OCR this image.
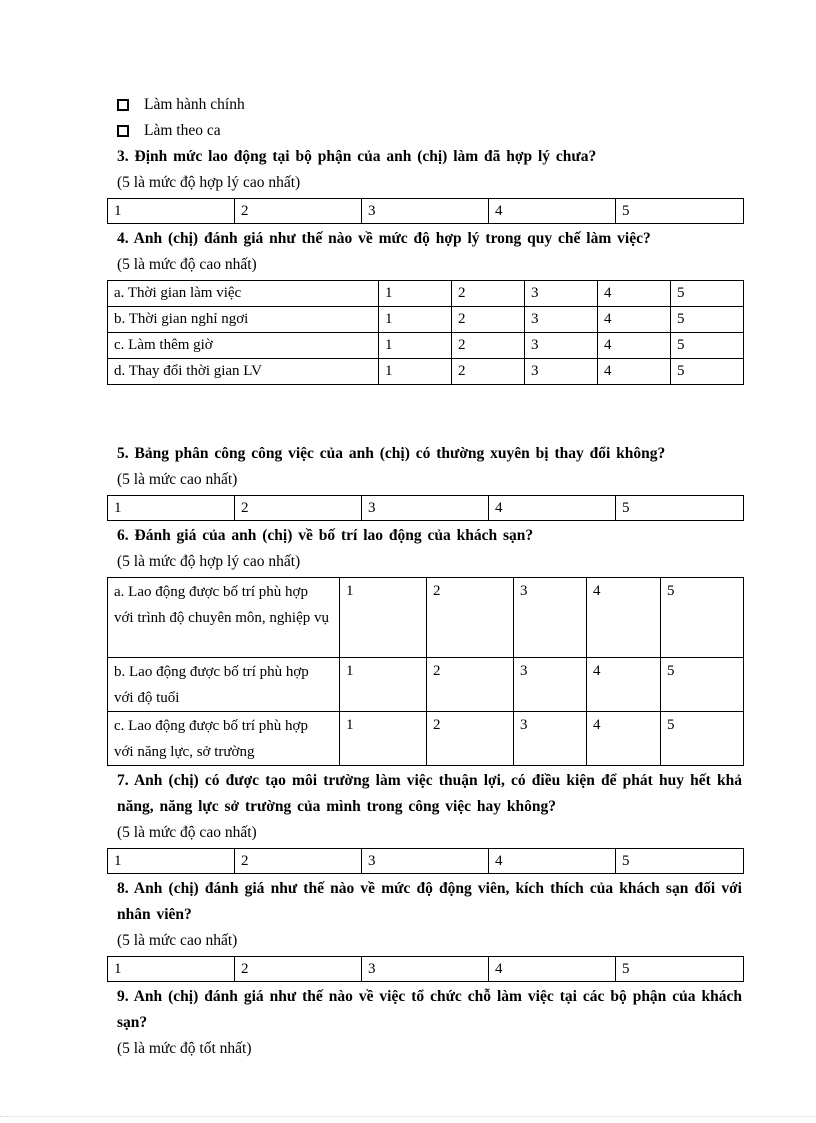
Làm hành chính
Làm theo ca

3. Định mức lao động tại bộ phận của anh (chị) làm đã hợp lý chưa?

(5 là mức độ hợp lý cao nhất)

1	2	3	4	5

4. Anh (chị) đánh giá như thế nào về mức độ hợp lý trong quy chế làm việc?

(5 là mức độ cao nhất)

a. Thời gian làm việc	1	2	3	4	5
b. Thời gian nghỉ ngơi	1	2	3	4	5
c. Làm thêm giờ	1	2	3	4	5
d. Thay đổi thời gian LV	1	2	3	4	5

5. Bảng phân công công việc của anh (chị) có thường xuyên bị thay đổi không?

(5 là mức cao nhất)

1	2	3	4	5

6. Đánh giá của anh (chị) về bố trí lao động của khách sạn?

(5 là mức độ hợp lý cao nhất)

a. Lao động được bố trí phù hợp với trình độ chuyên môn, nghiệp vụ	1	2	3	4	5
b. Lao động được bố trí phù hợp với độ tuổi	1	2	3	4	5
c. Lao động được bố trí phù hợp với năng lực, sở trường	1	2	3	4	5

7. Anh (chị) có được tạo môi trường làm việc thuận lợi, có điều kiện để phát huy hết khả năng, năng lực sở trường của mình trong công việc hay không?

(5 là mức độ cao nhất)

1	2	3	4	5

8. Anh (chị) đánh giá như thế nào về mức độ động viên, kích thích của khách sạn đối với nhân viên?

(5 là mức cao nhất)

1	2	3	4	5

9. Anh (chị) đánh giá như thế nào về việc tổ chức chỗ làm việc tại các bộ phận của khách sạn?

(5 là mức độ tốt nhất)
